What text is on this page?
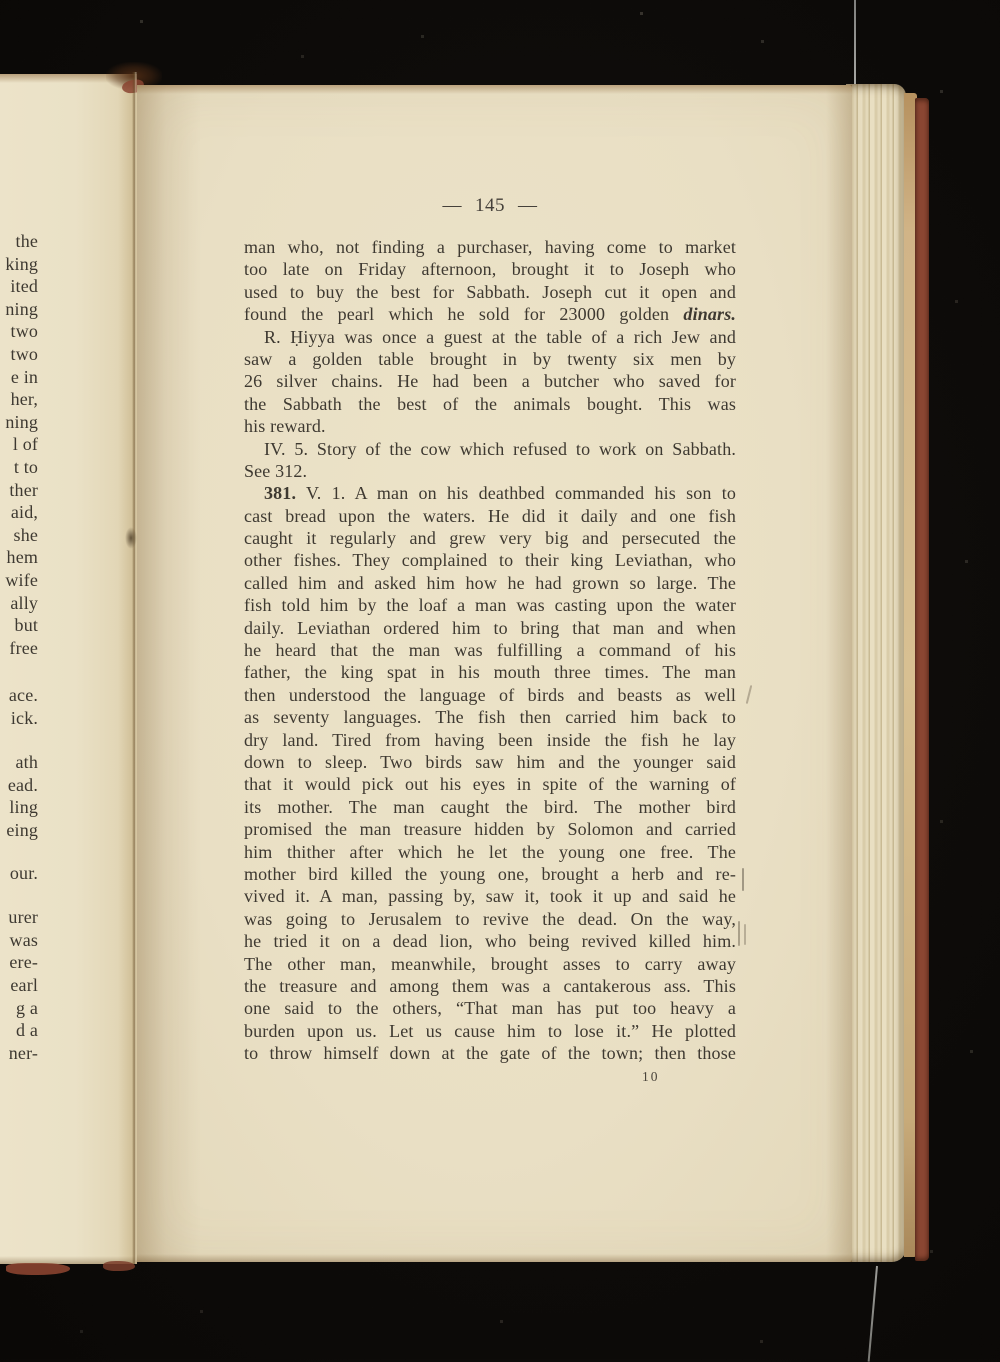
the
king
ited
ning
two
two
e in
her,
ning
l of
t to
ther
aid,
she
hem
wife
ally
but
free
ace.
ick.
ath
ead.
ling
eing
our.
urer
was
ere-
earl
g a
d a
ner-
— 145 —
man who, not finding a purchaser, having come to market
too late on Friday afternoon, brought it to Joseph who
used to buy the best for Sabbath. Joseph cut it open and
found the pearl which he sold for 23000 golden dinars.
R. Ḥiyya was once a guest at the table of a rich Jew and
saw a golden table brought in by twenty six men by
26 silver chains. He had been a butcher who saved for
the Sabbath the best of the animals bought. This was
his reward.
IV. 5. Story of the cow which refused to work on Sabbath.
See 312.
381. V. 1. A man on his deathbed commanded his son to
cast bread upon the waters. He did it daily and one fish
caught it regularly and grew very big and persecuted the
other fishes. They complained to their king Leviathan, who
called him and asked him how he had grown so large. The
fish told him by the loaf a man was casting upon the water
daily. Leviathan ordered him to bring that man and when
he heard that the man was fulfilling a command of his
father, the king spat in his mouth three times. The man
then understood the language of birds and beasts as well
as seventy languages. The fish then carried him back to
dry land. Tired from having been inside the fish he lay
down to sleep. Two birds saw him and the younger said
that it would pick out his eyes in spite of the warning of
its mother. The man caught the bird. The mother bird
promised the man treasure hidden by Solomon and carried
him thither after which he let the young one free. The
mother bird killed the young one, brought a herb and re-
vived it. A man, passing by, saw it, took it up and said he
was going to Jerusalem to revive the dead. On the way,
he tried it on a dead lion, who being revived killed him.
The other man, meanwhile, brought asses to carry away
the treasure and among them was a cantakerous ass. This
one said to the others, “That man has put too heavy a
burden upon us. Let us cause him to lose it.” He plotted
to throw himself down at the gate of the town; then those
10
